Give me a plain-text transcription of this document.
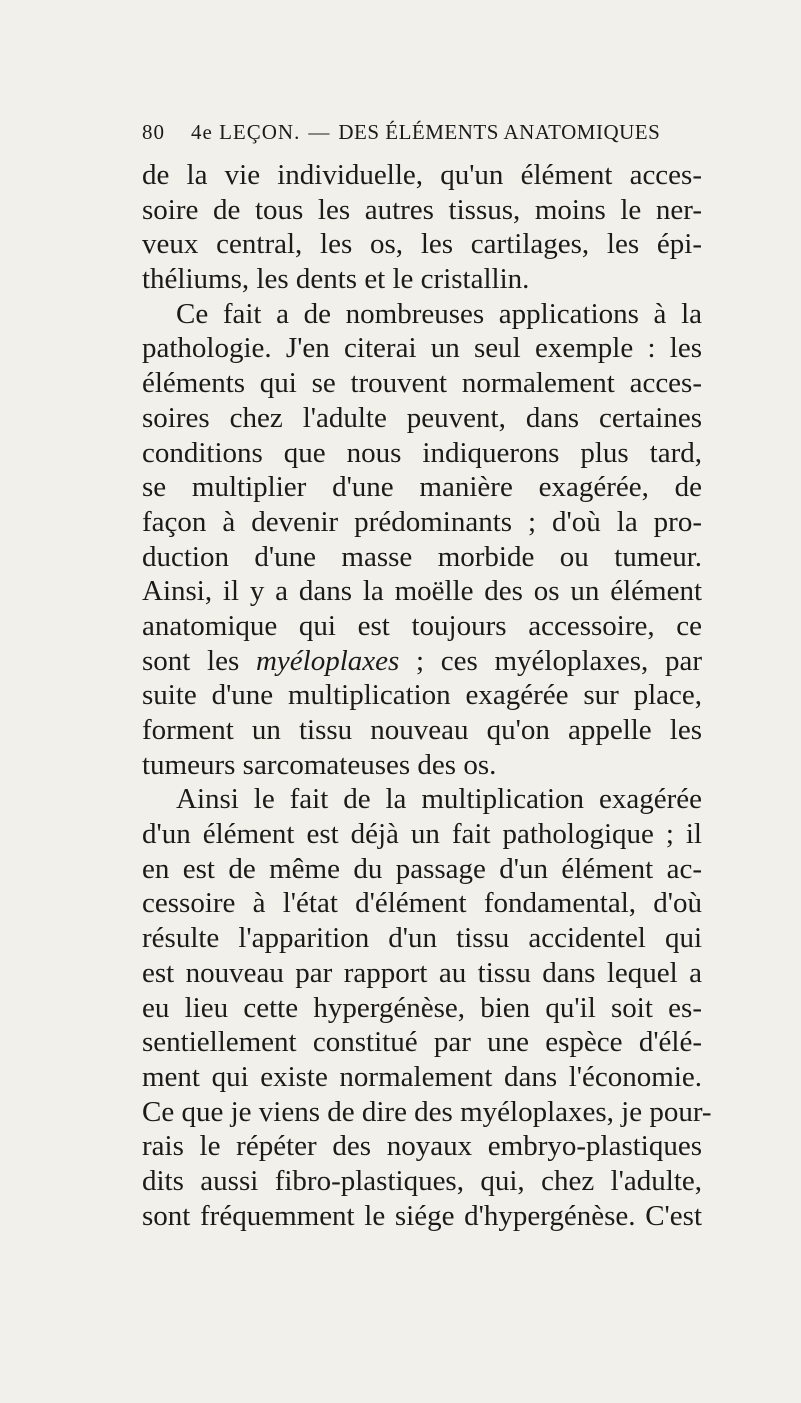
80 4e LEÇON. — DES ÉLÉMENTS ANATOMIQUES
de la vie individuelle, qu'un élément acces-
soire de tous les autres tissus, moins le ner-
veux central, les os, les cartilages, les épi-
théliums, les dents et le cristallin.
Ce fait a de nombreuses applications à la
pathologie. J'en citerai un seul exemple : les
éléments qui se trouvent normalement acces-
soires chez l'adulte peuvent, dans certaines
conditions que nous indiquerons plus tard,
se multiplier d'une manière exagérée, de
façon à devenir prédominants ; d'où la pro-
duction d'une masse morbide ou tumeur.
Ainsi, il y a dans la moëlle des os un élément
anatomique qui est toujours accessoire, ce
sont les myéloplaxes ; ces myéloplaxes, par
suite d'une multiplication exagérée sur place,
forment un tissu nouveau qu'on appelle les
tumeurs sarcomateuses des os.
Ainsi le fait de la multiplication exagérée
d'un élément est déjà un fait pathologique ; il
en est de même du passage d'un élément ac-
cessoire à l'état d'élément fondamental, d'où
résulte l'apparition d'un tissu accidentel qui
est nouveau par rapport au tissu dans lequel a
eu lieu cette hypergénèse, bien qu'il soit es-
sentiellement constitué par une espèce d'élé-
ment qui existe normalement dans l'économie.
Ce que je viens de dire des myéloplaxes, je pour-
rais le répéter des noyaux embryo-plastiques
dits aussi fibro-plastiques, qui, chez l'adulte,
sont fréquemment le siége d'hypergénèse. C'est
